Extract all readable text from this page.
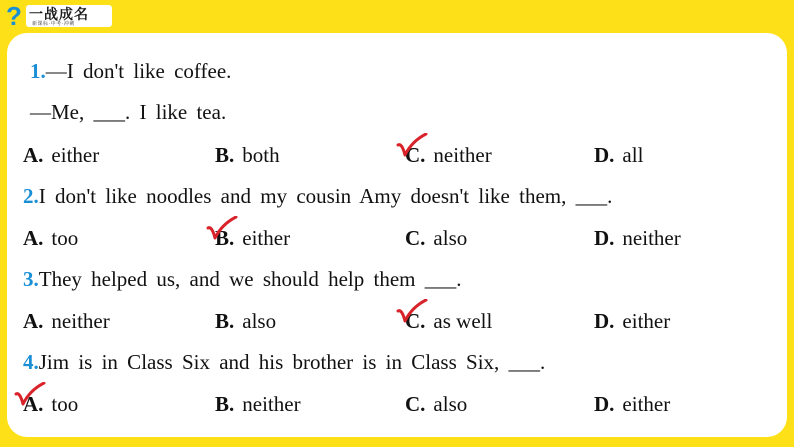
? 一战成名
新课标·中考·冲刺
1.—I don't like coffee.
—Me, ___. I like tea.
A. either	B. both	C. neither	D. all
2.I don't like noodles and my cousin Amy doesn't like them, ___.
A. too	B. either	C. also	D. neither
3.They helped us, and we should help them ___.
A. neither	B. also	C. as well	D. either
4.Jim is in Class Six and his brother is in Class Six, ___.
A. too	B. neither	C. also	D. either
